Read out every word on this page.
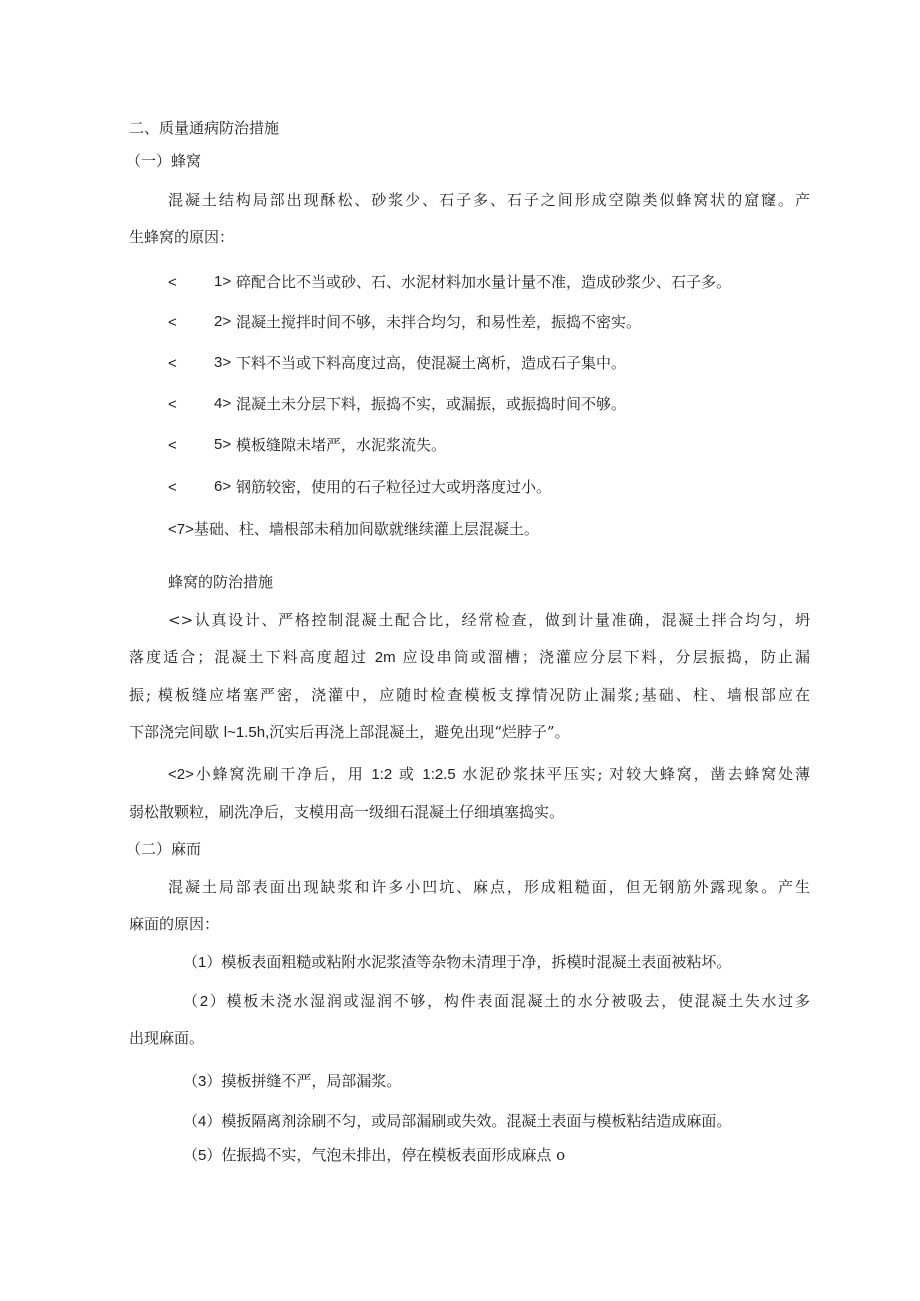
二、质量通病防治措施
（一）蜂窝
混凝土结构局部出现酥松、砂浆少、石子多、石子之间形成空隙类似蜂窝状的窟窿。产
生蜂窝的原因：
< 1> 碎配合比不当或砂、石、水泥材料加水量计量不准，造成砂浆少、石子多。
< 2> 混凝土搅拌时间不够，未拌合均匀，和易性差，振捣不密实。
< 3> 下料不当或下料高度过高，使混凝土离析，造成石子集中。
< 4> 混凝土未分层下料，振捣不实，或漏振，或振捣时间不够。
< 5> 模板缝隙未堵严，水泥浆流失。
< 6> 钢筋较密，使用的石子粒径过大或坍落度过小。
<7>基础、柱、墙根部未稍加间歇就继续灌上层混凝土。
蜂窝的防治措施
<>认真设计、严格控制混凝土配合比，经常检查，做到计量准确，混凝土拌合均匀，坍
落度适合；混凝土下料高度超过 2m 应设串筒或溜槽；浇灌应分层下料，分层振捣，防止漏
振; 模板缝应堵塞严密，浇灌中，应随时检查模板支撑情况防止漏浆;基础、柱、墙根部应在
下部浇完间歇 l~1.5h,沉实后再浇上部混凝土，避免出现“烂脖子”。
<2>小蜂窝洗刷干净后，用 1:2 或 1:2.5 水泥砂浆抹平压实; 对较大蜂窝，凿去蜂窝处薄
弱松散颗粒，刷洗净后，支模用高一级细石混凝土仔细填塞捣实。
（二）麻而
混凝土局部表面出现缺浆和许多小凹坑、麻点，形成粗糙面，但无钢筋外露现象。产生
麻面的原因：
（1）模板表面粗糙或粘附水泥浆渣等杂物未清理于净，拆模时混凝土表面被粘坏。
（2）模板未浇水湿润或湿润不够，构件表面混凝土的水分被吸去，使混凝土失水过多
出现麻面。
（3）摸板拼缝不严，局部漏浆。
（4）模扳隔离剂涂刷不匀，或局部漏刷或失效。混凝土表面与模板粘结造成麻面。
（5）佐振捣不实，气泡未排出，停在模板表面形成麻点 o
